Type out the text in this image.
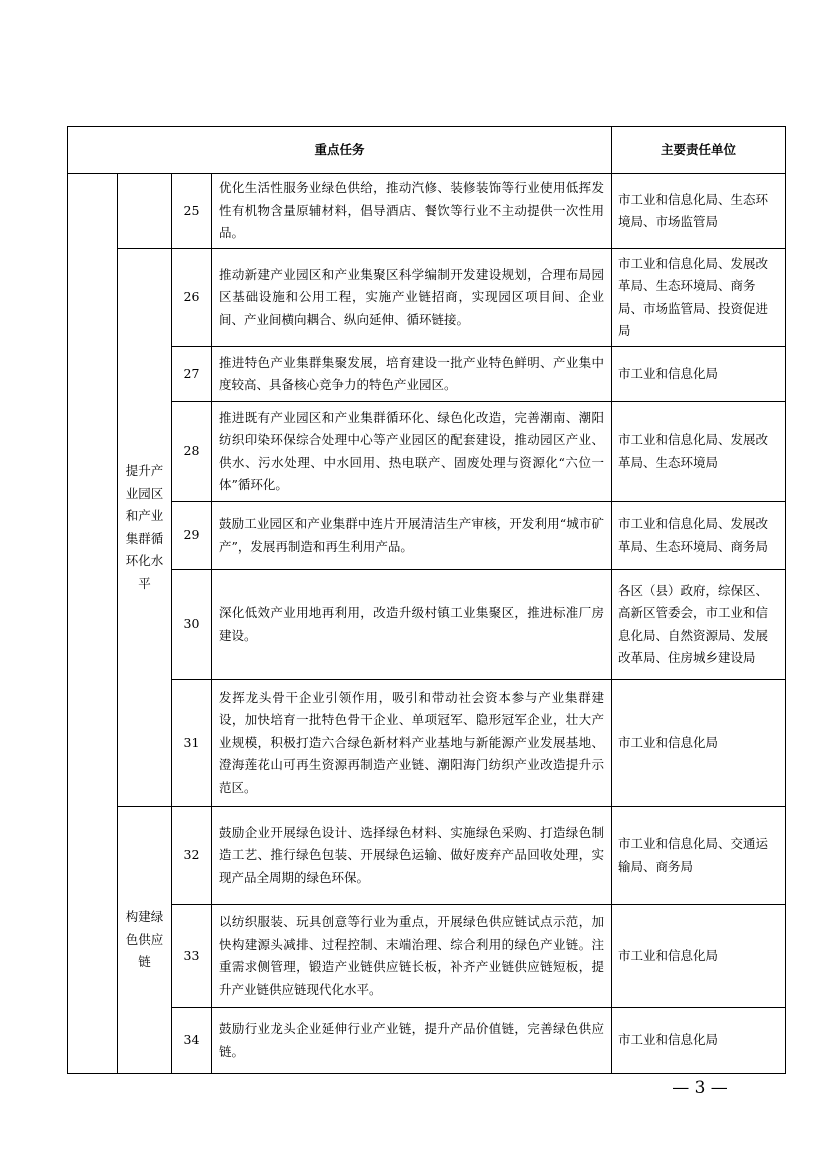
重点任务				主要责任单位
		25	优化生活性服务业绿色供给，推动汽修、装修装饰等行业使用低挥发性有机物含量原辅材料，倡导酒店、餐饮等行业不主动提供一次性用品。	市工业和信息化局、生态环境局、市场监管局
	提升产业园区和产业集群循环化水平	26	推动新建产业园区和产业集聚区科学编制开发建设规划，合理布局园区基础设施和公用工程，实施产业链招商，实现园区项目间、企业间、产业间横向耦合、纵向延伸、循环链接。	市工业和信息化局、发展改革局、生态环境局、商务局、市场监管局、投资促进局
		27	推进特色产业集群集聚发展，培育建设一批产业特色鲜明、产业集中度较高、具备核心竞争力的特色产业园区。	市工业和信息化局
		28	推进既有产业园区和产业集群循环化、绿色化改造，完善潮南、潮阳纺织印染环保综合处理中心等产业园区的配套建设，推动园区产业、供水、污水处理、中水回用、热电联产、固废处理与资源化“六位一体”循环化。	市工业和信息化局、发展改革局、生态环境局
		29	鼓励工业园区和产业集群中连片开展清洁生产审核，开发利用“城市矿产”，发展再制造和再生利用产品。	市工业和信息化局、发展改革局、生态环境局、商务局
		30	深化低效产业用地再利用，改造升级村镇工业集聚区，推进标准厂房建设。	各区（县）政府，综保区、高新区管委会，市工业和信息化局、自然资源局、发展改革局、住房城乡建设局
		31	发挥龙头骨干企业引领作用，吸引和带动社会资本参与产业集群建设，加快培育一批特色骨干企业、单项冠军、隐形冠军企业，壮大产业规模，积极打造六合绿色新材料产业基地与新能源产业发展基地、澄海莲花山可再生资源再制造产业链、潮阳海门纺织产业改造提升示范区。	市工业和信息化局
	构建绿色供应链	32	鼓励企业开展绿色设计、选择绿色材料、实施绿色采购、打造绿色制造工艺、推行绿色包装、开展绿色运输、做好废弃产品回收处理，实现产品全周期的绿色环保。	市工业和信息化局、交通运输局、商务局
		33	以纺织服装、玩具创意等行业为重点，开展绿色供应链试点示范，加快构建源头减排、过程控制、末端治理、综合利用的绿色产业链。注重需求侧管理，锻造产业链供应链长板，补齐产业链供应链短板，提升产业链供应链现代化水平。	市工业和信息化局
		34	鼓励行业龙头企业延伸行业产业链，提升产品价值链，完善绿色供应链。	市工业和信息化局
— 3 —
